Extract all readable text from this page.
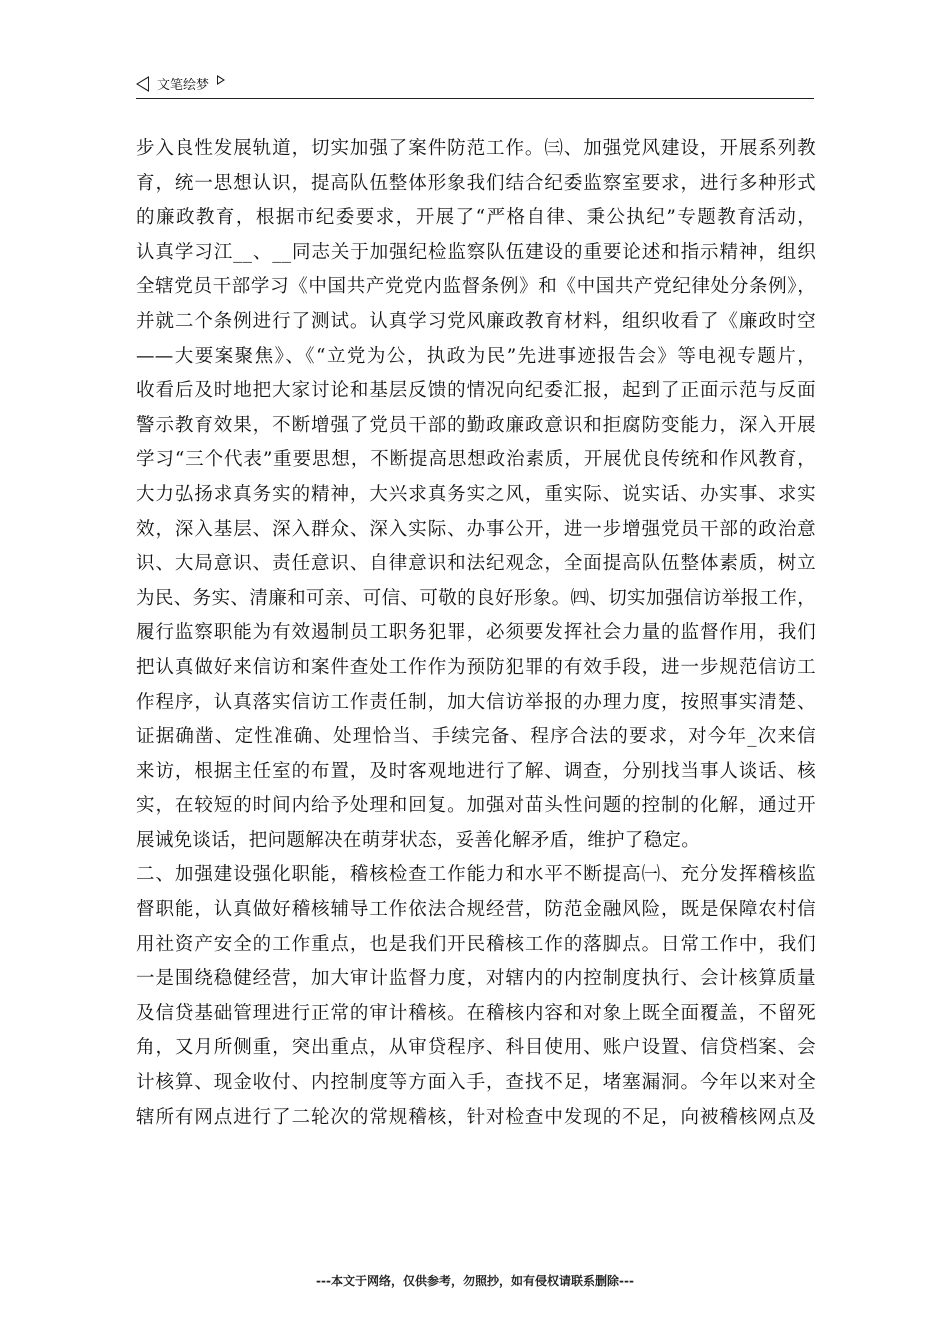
文笔绘梦
步入良性发展轨道，切实加强了案件防范工作。㈢、加强党风建设，开展系列教
育，统一思想认识，提高队伍整体形象我们结合纪委监察室要求，进行多种形式
的廉政教育，根据市纪委要求，开展了“严格自律、秉公执纪”专题教育活动，
认真学习江__、__同志关于加强纪检监察队伍建设的重要论述和指示精神，组织
全辖党员干部学习《中国共产党党内监督条例》和《中国共产党纪律处分条例》，
并就二个条例进行了测试。认真学习党风廉政教育材料，组织收看了《廉政时空
——大要案聚焦》、《“立党为公，执政为民”先进事迹报告会》等电视专题片，
收看后及时地把大家讨论和基层反馈的情况向纪委汇报，起到了正面示范与反面
警示教育效果，不断增强了党员干部的勤政廉政意识和拒腐防变能力，深入开展
学习“三个代表”重要思想，不断提高思想政治素质，开展优良传统和作风教育，
大力弘扬求真务实的精神，大兴求真务实之风，重实际、说实话、办实事、求实
效，深入基层、深入群众、深入实际、办事公开，进一步增强党员干部的政治意
识、大局意识、责任意识、自律意识和法纪观念，全面提高队伍整体素质，树立
为民、务实、清廉和可亲、可信、可敬的良好形象。㈣、切实加强信访举报工作，
履行监察职能为有效遏制员工职务犯罪，必须要发挥社会力量的监督作用，我们
把认真做好来信访和案件查处工作作为预防犯罪的有效手段，进一步规范信访工
作程序，认真落实信访工作责任制，加大信访举报的办理力度，按照事实清楚、
证据确凿、定性准确、处理恰当、手续完备、程序合法的要求，对今年_次来信
来访，根据主任室的布置，及时客观地进行了解、调查，分别找当事人谈话、核
实，在较短的时间内给予处理和回复。加强对苗头性问题的控制的化解，通过开
展诫免谈话，把问题解决在萌芽状态，妥善化解矛盾，维护了稳定。
二、加强建设强化职能，稽核检查工作能力和水平不断提高㈠、充分发挥稽核监
督职能，认真做好稽核辅导工作依法合规经营，防范金融风险，既是保障农村信
用社资产安全的工作重点，也是我们开民稽核工作的落脚点。日常工作中，我们
一是围绕稳健经营，加大审计监督力度，对辖内的内控制度执行、会计核算质量
及信贷基础管理进行正常的审计稽核。在稽核内容和对象上既全面覆盖，不留死
角，又月所侧重，突出重点，从审贷程序、科目使用、账户设置、信贷档案、会
计核算、现金收付、内控制度等方面入手，查找不足，堵塞漏洞。今年以来对全
辖所有网点进行了二轮次的常规稽核，针对检查中发现的不足，向被稽核网点及
---本文于网络，仅供参考，勿照抄，如有侵权请联系删除---
